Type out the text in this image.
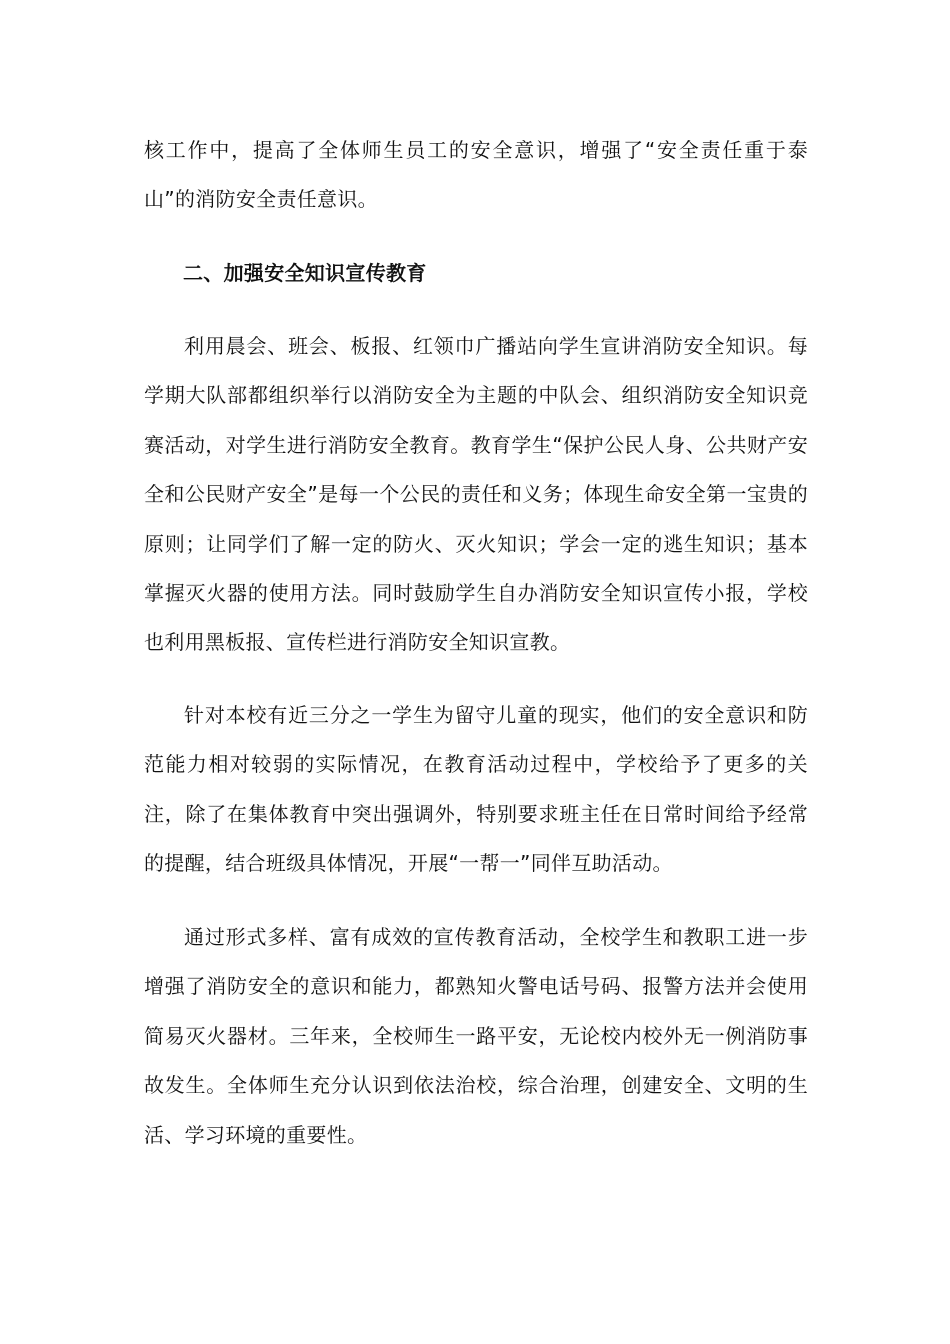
核工作中，提高了全体师生员工的安全意识，增强了“安全责任重于泰山”的消防安全责任意识。

二、加强安全知识宣传教育

利用晨会、班会、板报、红领巾广播站向学生宣讲消防安全知识。每学期大队部都组织举行以消防安全为主题的中队会、组织消防安全知识竞赛活动，对学生进行消防安全教育。教育学生“保护公民人身、公共财产安全和公民财产安全”是每一个公民的责任和义务；体现生命安全第一宝贵的原则；让同学们了解一定的防火、灭火知识；学会一定的逃生知识；基本掌握灭火器的使用方法。同时鼓励学生自办消防安全知识宣传小报，学校也利用黑板报、宣传栏进行消防安全知识宣教。

针对本校有近三分之一学生为留守儿童的现实，他们的安全意识和防范能力相对较弱的实际情况，在教育活动过程中，学校给予了更多的关注，除了在集体教育中突出强调外，特别要求班主任在日常时间给予经常的提醒，结合班级具体情况，开展“一帮一”同伴互助活动。

通过形式多样、富有成效的宣传教育活动，全校学生和教职工进一步增强了消防安全的意识和能力，都熟知火警电话号码、报警方法并会使用简易灭火器材。三年来，全校师生一路平安，无论校内校外无一例消防事故发生。全体师生充分认识到依法治校，综合治理，创建安全、文明的生活、学习环境的重要性。
